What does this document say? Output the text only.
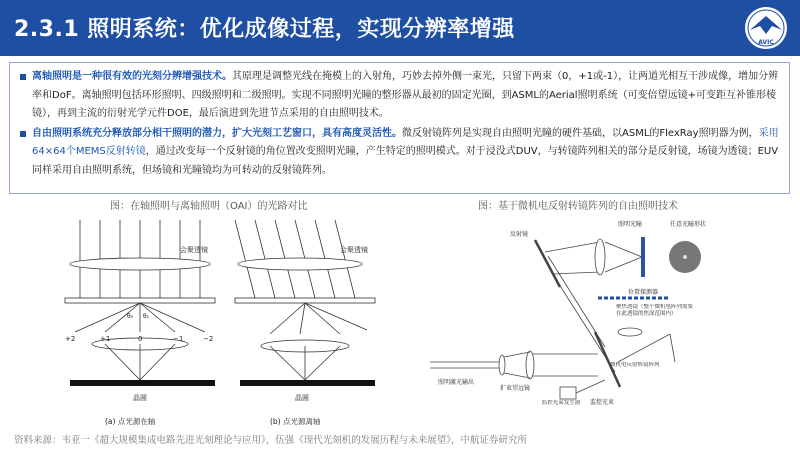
2.3.1 照明系统：优化成像过程，实现分辨率增强
AVIC
离轴照明是一种很有效的光刻分辨增强技术。其原理是调整光线在掩模上的入射角，巧妙去掉外侧一束光，只留下两束（0，+1或-1），让两道光相互干涉成像，增加分辨率和DoF。离轴照明包括环形照明、四级照明和二级照明。实现不同照明光瞳的整形器从最初的固定光圈，到ASML的Aerial照明系统（可变倍望远镜+可变距互补锥形棱镜），再到主流的衍射光学元件DOE，最后演进到先进节点采用的自由照明技术。
自由照明系统充分释放部分相干照明的潜力，扩大光刻工艺窗口，具有高度灵活性。微反射镜阵列是实现自由照明光瞳的硬件基础，以ASML的FlexRay照明器为例，采用64×64个MEMS反射转镜，通过改变每一个反射镜的角位置改变照明光瞳，产生特定的照明模式。对于浸没式DUV，与转镜阵列相关的部分是反射镜，场镜为透镜；EUV同样采用自由照明系统，但场镜和光瞳镜均为可转动的反射镜阵列。
图：在轴照明与离轴照明（OAI）的光路对比	图：基于微机电反射转镜阵列的自由照明技术
会聚透镜	会聚透镜
+2	+1	0	−1	−2
θ₀ θ₁
晶圆	晶圆
(a) 点光源在轴	(b) 点光源离轴
反射镜
照明光瞳	任意光瞳形状
位置探测器
聚焦透镜（整个微机电阵列需要在此透镜的焦深范围内）
照明激光输出
扩束望远镜
微机电反射转镜阵列
监控光束发生器	监控光束
资料来源：韦亚一《超大规模集成电路先进光刻理论与应用》，伍强《现代光刻机的发展历程与未来展望》，中航证券研究所
